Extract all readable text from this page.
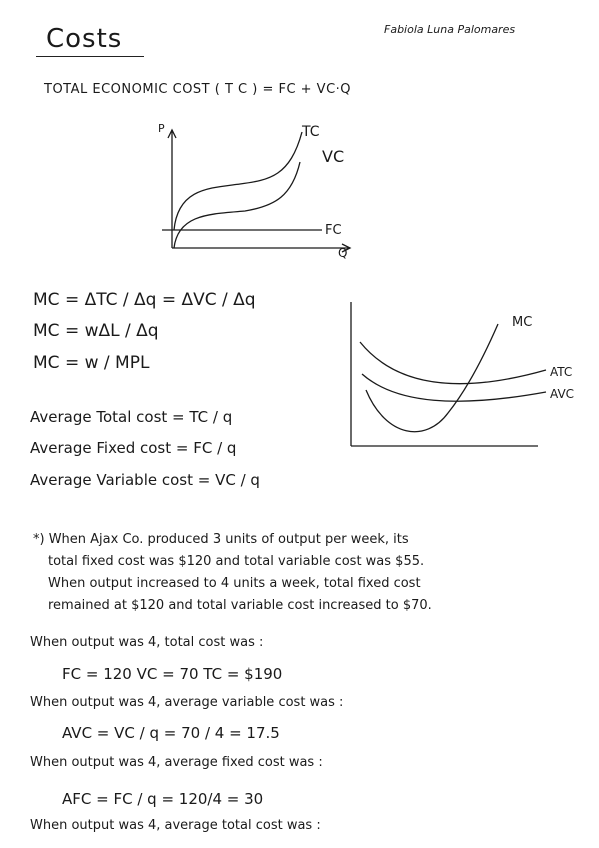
Costs	Fabiola Luna Palomares
TOTAL ECONOMIC COST ( T C ) = FC + VC·Q
P
Q
TC
VC
FC
MC = ΔTC / Δq = ΔVC / Δq
MC = wΔL / Δq
MC = w / MPL
MC
ATC
AVC
Average Total cost = TC / q
Average Fixed cost = FC / q
Average Variable cost = VC / q
*) When Ajax Co. produced 3 units of output per week, its
total fixed cost was $120 and total variable cost was $55.
When output increased to 4 units a week, total fixed cost
remained at $120 and total variable cost increased to $70.
When output was 4, total cost was :
FC = 120 VC = 70 TC = $190
When output was 4, average variable cost was :
AVC = VC / q = 70 / 4 = 17.5
When output was 4, average fixed cost was :
AFC = FC / q = 120/4 = 30
When output was 4, average total cost was :
